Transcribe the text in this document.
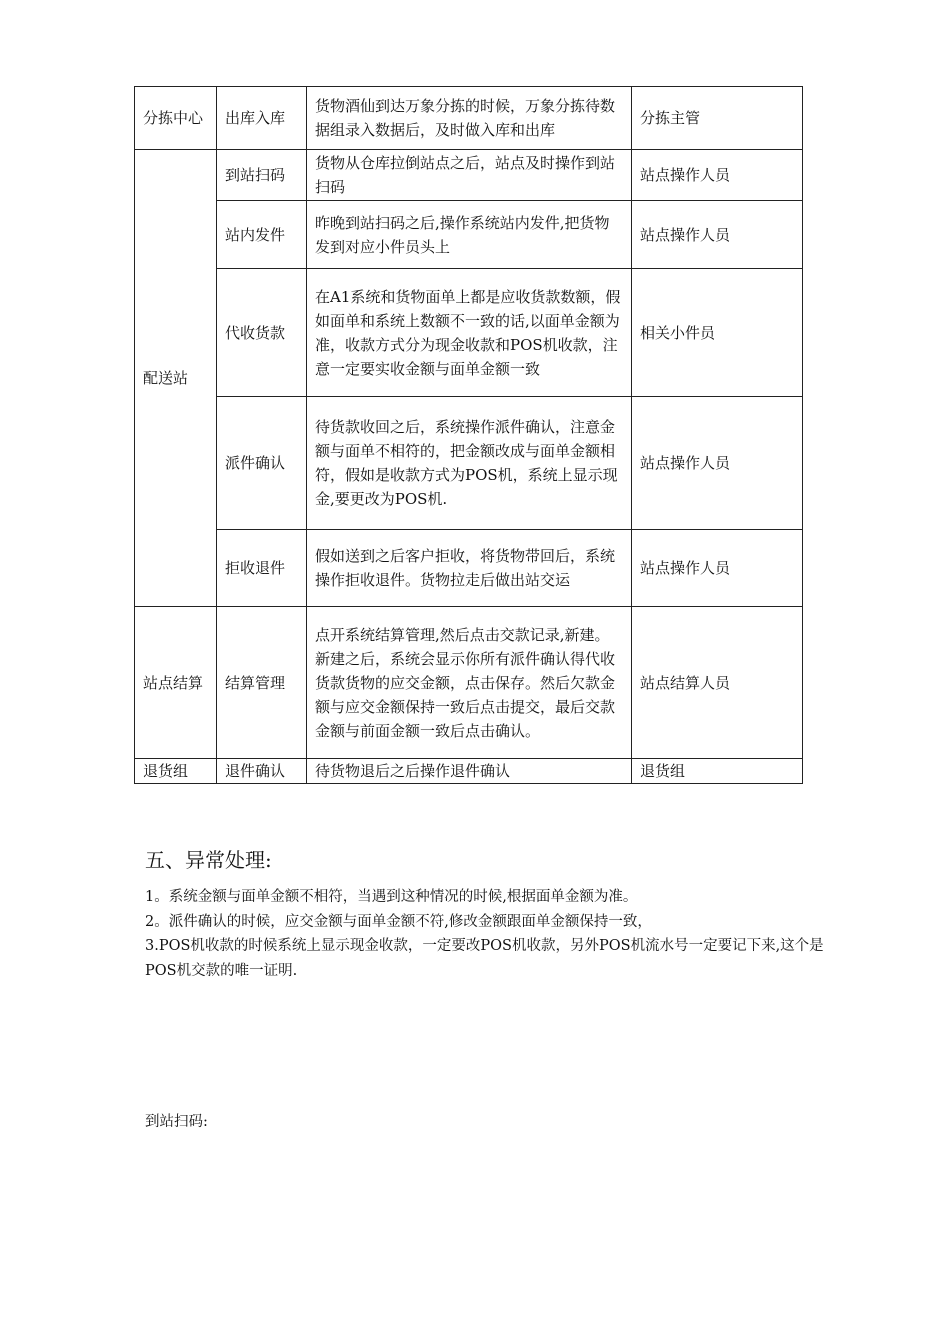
分拣中心	出库入库	货物酒仙到达万象分拣的时候，万象分拣待数据组录入数据后，及时做入库和出库	分拣主管
配送站	到站扫码	货物从仓库拉倒站点之后，站点及时操作到站扫码	站点操作人员
	站内发件	昨晚到站扫码之后,操作系统站内发件,把货物发到对应小件员头上	站点操作人员
	代收货款	在A1系统和货物面单上都是应收货款数额，假如面单和系统上数额不一致的话,以面单金额为准，收款方式分为现金收款和POS机收款，注意一定要实收金额与面单金额一致	相关小件员
	派件确认	待货款收回之后，系统操作派件确认，注意金额与面单不相符的，把金额改成与面单金额相符，假如是收款方式为POS机，系统上显示现金,要更改为POS机.	站点操作人员
	拒收退件	假如送到之后客户拒收，将货物带回后，系统操作拒收退件。货物拉走后做出站交运	站点操作人员
站点结算	结算管理	点开系统结算管理,然后点击交款记录,新建。新建之后，系统会显示你所有派件确认得代收货款货物的应交金额，点击保存。然后欠款金额与应交金额保持一致后点击提交，最后交款金额与前面金额一致后点击确认。	站点结算人员
退货组	退件确认	待货物退后之后操作退件确认	退货组
五、异常处理:

1。系统金额与面单金额不相符，当遇到这种情况的时候,根据面单金额为准。

2。派件确认的时候，应交金额与面单金额不符,修改金额跟面单金额保持一致，

3.POS机收款的时候系统上显示现金收款，一定要改POS机收款，另外POS机流水号一定要记下来,这个是POS机交款的唯一证明.

到站扫码:
